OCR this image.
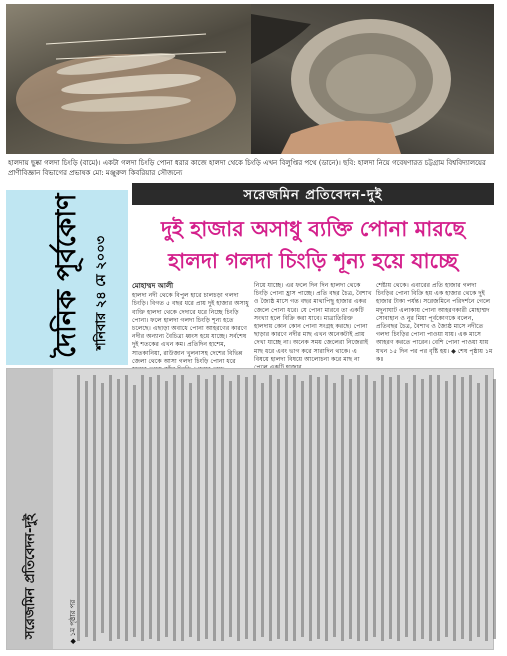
হালদায় ছুষ্কা গলদা চিংড়ি (বামে)। একটা গলদা চিংড়ি পোনা ধরার কাজে হালদা থেকে চিংড়ি এখন বিলুপ্তির পথে (ডানে)। ছবি: হালদা নিয়ে গবেষণারত চট্টগ্রাম বিশ্ববিদ্যালয়ের প্রাণীবিজ্ঞান বিভাগের প্রভাষক মো: মঞ্জুরুল কিবরিয়ার সৌজন্যে
সরেজমিন প্রতিবেদন-দুই
দুই হাজার অসাধু ব্যক্তি পোনা মারছে
হালদা গলদা চিংড়ি শূন্য হয়ে যাচ্ছে
দৈনিক পূর্বকোণ শনিবার ২৪ মে ২০০৩	মোহাম্মদ আলী
হালদা নদী থেকে বিপুল হারে চালচড়া গলদা চিংড়ি। বিগত ৫ বছর ধরে প্রায় দুই হাজার অসাধু ব্যক্তি হালদা থেকে দেদারে ধরে নিচ্ছে চিংড়ি পোনা। ফলে হালদা গলদা চিংড়ি শূন্য হতে চলেছে। এছাড়া অবাধে পোনা আহরণের কারণে নদীর অন্যান্য বৈচিত্র্য ধ্বংস হয়ে যাচ্ছে। সর্বশেষ দুই শতকের এখন কম। প্রতিদিন হাশেম, সাতকানিয়া, রাউজান খুলনাসহ দেশের বিভিন্ন জেলা থেকে আসা গলদা চিংড়ি পোনা ধরে
নিয়ে যাচ্ছে। এর ফলে দিন দিন হালদা থেকে চিংড়ি পোনা হ্রাস পাচ্ছে। প্রতি বছর চৈত্র, বৈশাখ ও জ্যৈষ্ঠ মাসে গত বছর মাথাপিছু হাজার একর জেলে পোনা ধরে। যে পোনা মারবে তা একটি সংখ্যা হলে বিক্রি করা যাবে। মাত্রাতিরিক্ত হালদায় কোন কোন পোনা সংগ্রহ করছে। পোনা ছাড়ার কারণে নদীর মাছ এখন অনেকটাই প্রায় দেখা যাচ্ছে না। অনেক সময় জেলেরা নিজেরাই মাছ ধরে এবং ভাগ করে সারাদিন থাকে। এ বিষয়ে হালদা বিষয়ে আলোচনা করে মাছ না
শেষ্টায় থেকে। এবারের প্রতি হাজার গলদা চিংড়ির পোনা বিক্রি হয় এক হাজার থেকে দুই হাজার টাকা পর্যন্ত। সরেজমিনে পরিদর্শনে গেলে মদুনাঘাট এলাকায় পোনা আহরণকারী মোহাম্মদ সোবাহান ও নুর মিয়া পূর্বকোণকে বলেন, প্রতিবছর চৈত্র, বৈশাখ ও জ্যৈষ্ঠ মাসে নদীতে গলদা চিংড়ির পোনা পাওয়া যায়। এক মাসে আহরণ করতে পারেন। বেশি পোনা পাওয়া যায় যখন ১৫ দিন পর পর বৃষ্টি হয়। ◆ শেষ পৃষ্ঠায় ১ম কঃ
সরেজমিন প্রতিবেদন-দুই	◆ ১ম পৃষ্ঠার পর
